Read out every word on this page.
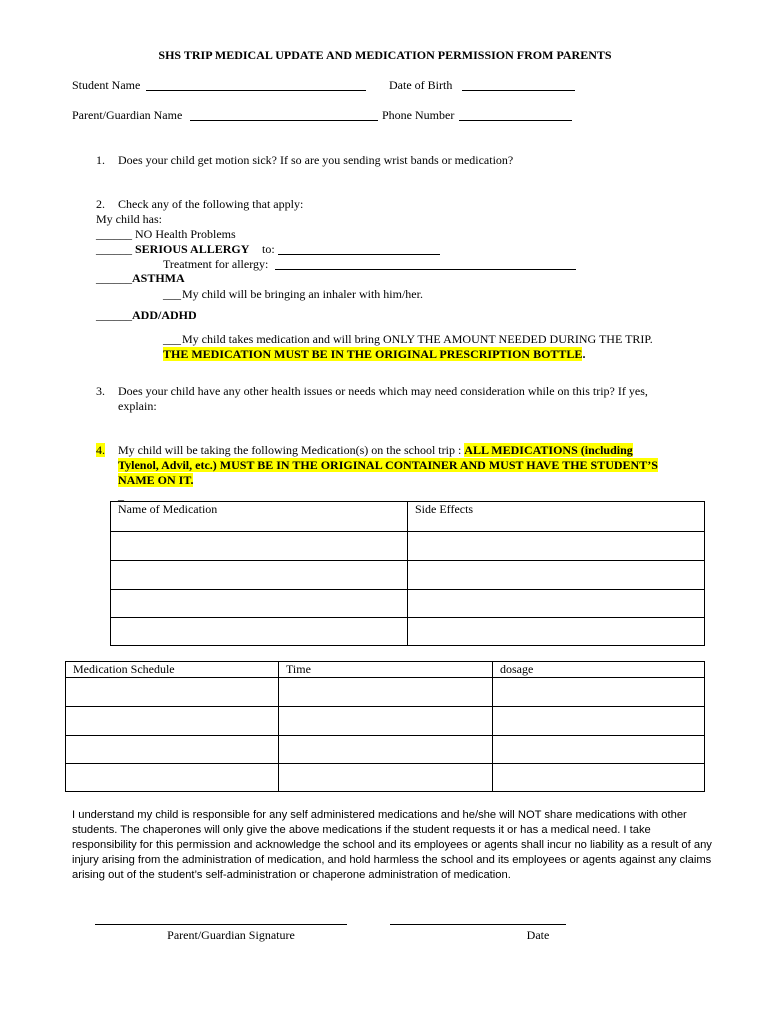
SHS TRIP MEDICAL UPDATE AND MEDICATION PERMISSION FROM PARENTS
Student Name	Date of Birth
Parent/Guardian Name	Phone Number
1. Does your child get motion sick? If so are you sending wrist bands or medication?
2. Check any of the following that apply:
My child has:
______ NO Health Problems
______ SERIOUS ALLERGY to:
Treatment for allergy:
______ ASTHMA
___ My child will be bringing an inhaler with him/her.
______ ADD/ADHD
___ My child takes medication and will bring ONLY THE AMOUNT NEEDED DURING THE TRIP.
THE MEDICATION MUST BE IN THE ORIGINAL PRESCRIPTION BOTTLE.
3. Does your child have any other health issues or needs which may need consideration while on this trip? If yes,
explain:
4. My child will be taking the following Medication(s) on the school trip : ALL MEDICATIONS (including
Tylenol, Advil, etc.) MUST BE IN THE ORIGINAL CONTAINER AND MUST HAVE THE STUDENT’S
NAME ON IT.
_
Name of Medication	Side Effects

Medication Schedule	Time	dosage

I understand my child is responsible for any self administered medications and he/she will NOT share medications with other students. The chaperones will only give the above medications if the student requests it or has a medical need. I take responsibility for this permission and acknowledge the school and its employees or agents shall incur no liability as a result of any injury arising from the administration of medication, and hold harmless the school and its employees or agents against any claims arising out of the student’s self-administration or chaperone administration of medication.
Parent/Guardian Signature	Date
